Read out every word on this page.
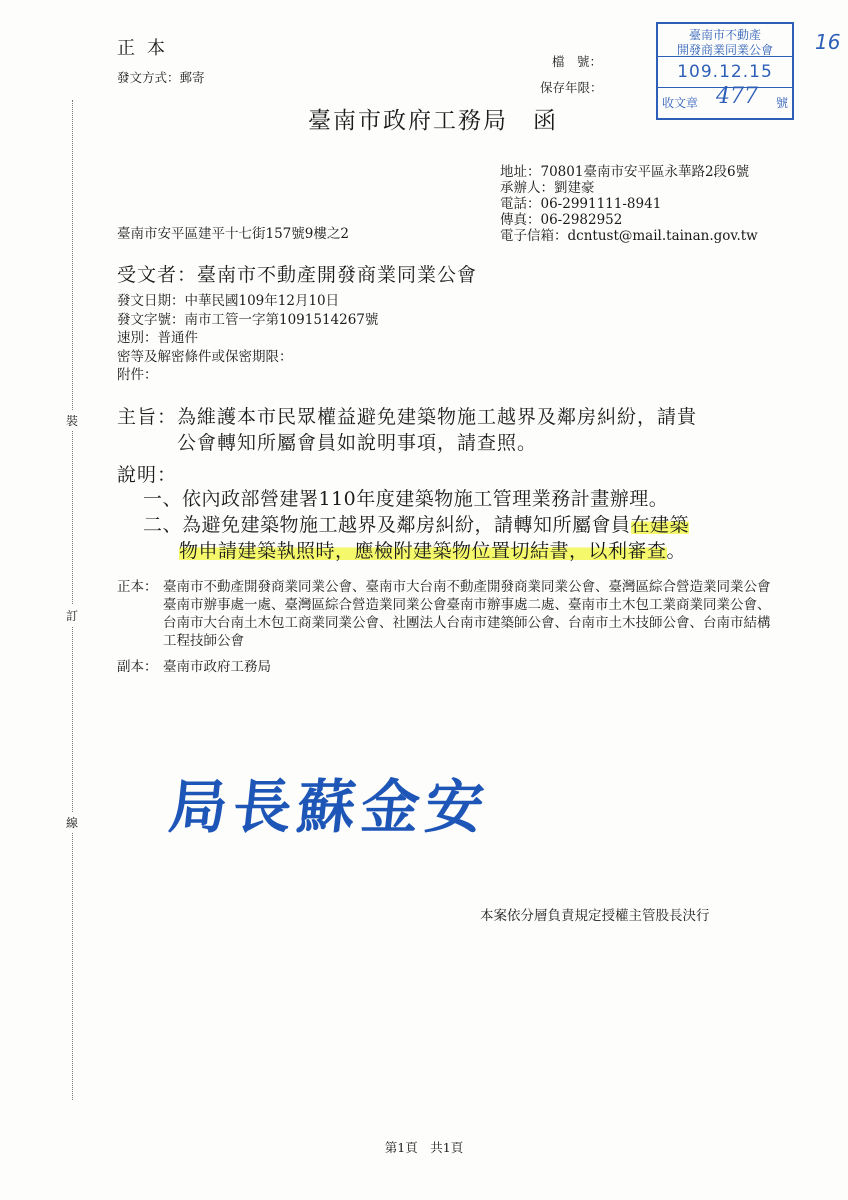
裝
訂
線
正本
發文方式：郵寄
檔　號：
保存年限：
臺南市政府工務局　函
臺南市不動產
開發商業同業公會
109.12.15
收文章 477 號
16
地址：70801臺南市安平區永華路2段6號
承辦人：劉建豪
電話：06-2991111-8941
傳真：06-2982952
電子信箱：dcntust@mail.tainan.gov.tw
臺南市安平區建平十七街157號9樓之2
受文者：臺南市不動產開發商業同業公會
發文日期：中華民國109年12月10日
發文字號：南市工管一字第1091514267號
速別：普通件
密等及解密條件或保密期限：
附件：
主旨：為維護本市民眾權益避免建築物施工越界及鄰房糾紛，請貴
公會轉知所屬會員如說明事項，請查照。
說明：
一、依內政部營建署110年度建築物施工管理業務計畫辦理。
二、為避免建築物施工越界及鄰房糾紛，請轉知所屬會員在建築
物申請建築執照時，應檢附建築物位置切結書，以利審查。
正本： 臺南市不動產開發商業同業公會、臺南市大台南不動產開發商業同業公會、臺灣區綜合營造業同業公會臺南市辦事處一處、臺灣區綜合營造業同業公會臺南市辦事處二處、臺南市土木包工業商業同業公會、台南市大台南土木包工商業同業公會、社團法人台南市建築師公會、台南市土木技師公會、台南市結構工程技師公會
副本： 臺南市政府工務局
局長蘇金安
本案依分層負責規定授權主管股長決行
第1頁　共1頁
